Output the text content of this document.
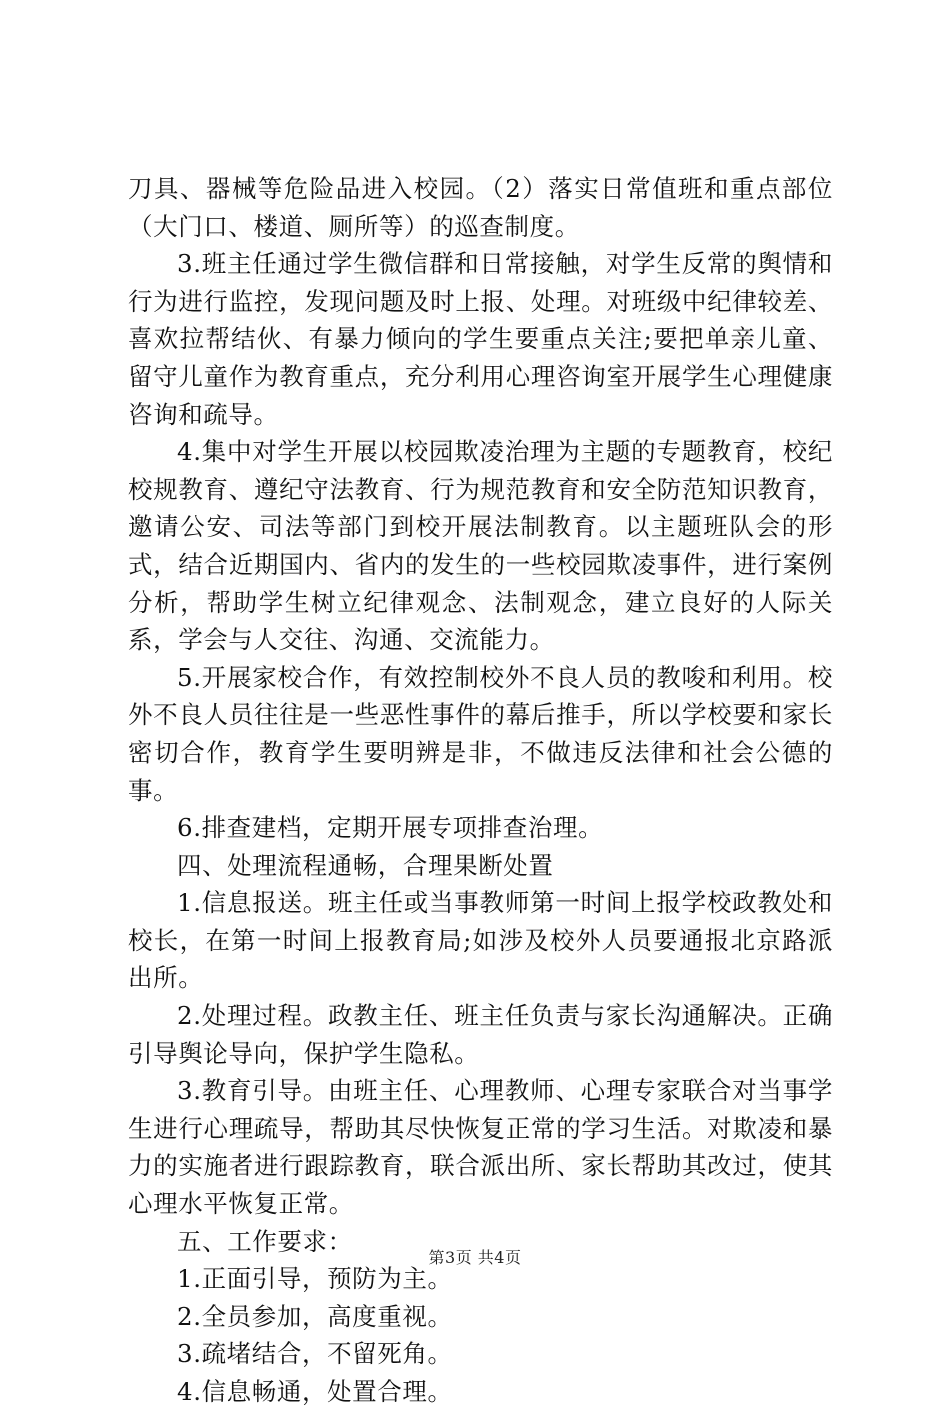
刀具、器械等危险品进入校园。（2）落实日常值班和重点部位（大门口、楼道、厕所等）的巡查制度。

3.班主任通过学生微信群和日常接触，对学生反常的舆情和行为进行监控，发现问题及时上报、处理。对班级中纪律较差、喜欢拉帮结伙、有暴力倾向的学生要重点关注;要把单亲儿童、留守儿童作为教育重点，充分利用心理咨询室开展学生心理健康咨询和疏导。

4.集中对学生开展以校园欺凌治理为主题的专题教育，校纪校规教育、遵纪守法教育、行为规范教育和安全防范知识教育，邀请公安、司法等部门到校开展法制教育。以主题班队会的形式，结合近期国内、省内的发生的一些校园欺凌事件，进行案例分析，帮助学生树立纪律观念、法制观念，建立良好的人际关系，学会与人交往、沟通、交流能力。

5.开展家校合作，有效控制校外不良人员的教唆和利用。校外不良人员往往是一些恶性事件的幕后推手，所以学校要和家长密切合作，教育学生要明辨是非，不做违反法律和社会公德的事。

6.排查建档，定期开展专项排查治理。

四、处理流程通畅，合理果断处置

1.信息报送。班主任或当事教师第一时间上报学校政教处和校长，在第一时间上报教育局;如涉及校外人员要通报北京路派出所。

2.处理过程。政教主任、班主任负责与家长沟通解决。正确引导舆论导向，保护学生隐私。

3.教育引导。由班主任、心理教师、心理专家联合对当事学生进行心理疏导，帮助其尽快恢复正常的学习生活。对欺凌和暴力的实施者进行跟踪教育，联合派出所、家长帮助其改过，使其心理水平恢复正常。

五、工作要求：

1.正面引导，预防为主。

2.全员参加，高度重视。

3.疏堵结合，不留死角。

4.信息畅通，处置合理。

第3页 共4页
